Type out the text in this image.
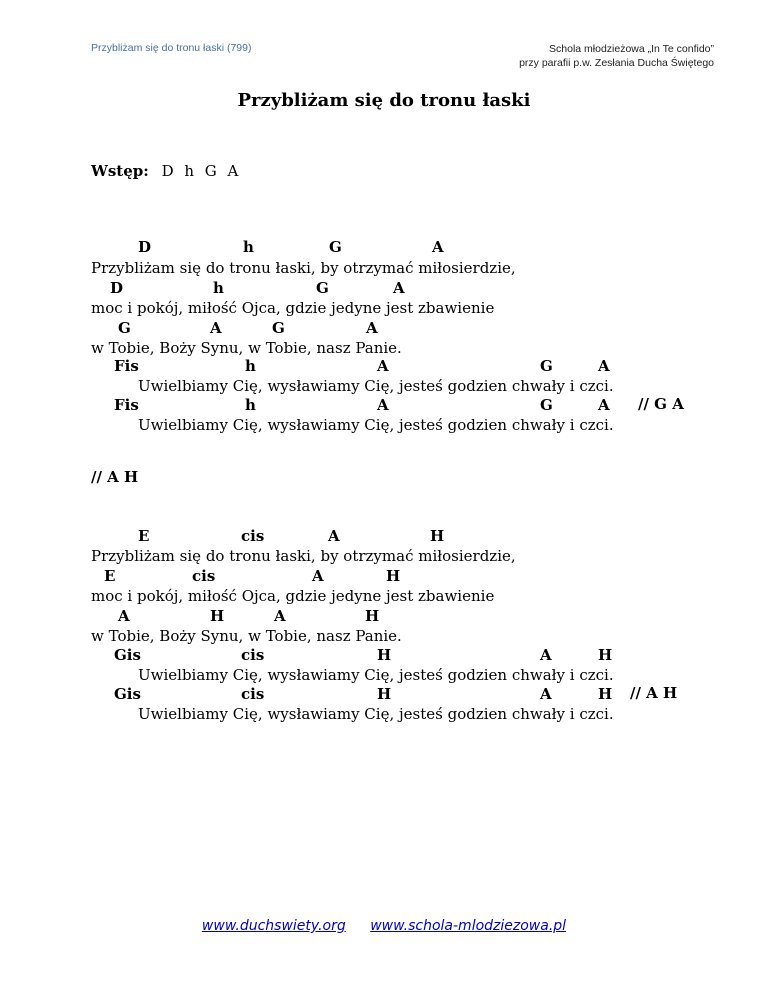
Przybliżam się do tronu łaski (799)	Schola młodzieżowa „In Te confido”
przy parafii p.w. Zesłania Ducha Świętego
Przybliżam się do tronu łaski
Wstęp: D h G A
D	h	G	A
Przybliżam się do tronu łaski, by otrzymać miłosierdzie,
D	h	G	A
moc i pokój, miłość Ojca, gdzie jedyne jest zbawienie
G	A	G	A
w Tobie, Boży Synu, w Tobie, nasz Panie.
Fis	h	A	G	A
Uwielbiamy Cię, wysławiamy Cię, jesteś godzien chwały i czci.
Fis	h	A	G	A // G A
Uwielbiamy Cię, wysławiamy Cię, jesteś godzien chwały i czci.
// A H
E	cis	A	H
Przybliżam się do tronu łaski, by otrzymać miłosierdzie,
E	cis	A	H
moc i pokój, miłość Ojca, gdzie jedyne jest zbawienie
A	H	A	H
w Tobie, Boży Synu, w Tobie, nasz Panie.
Gis	cis	H	A	H
Uwielbiamy Cię, wysławiamy Cię, jesteś godzien chwały i czci.
Gis	cis	H	A	H // A H
Uwielbiamy Cię, wysławiamy Cię, jesteś godzien chwały i czci.
www.duchswiety.org www.schola-mlodziezowa.pl
